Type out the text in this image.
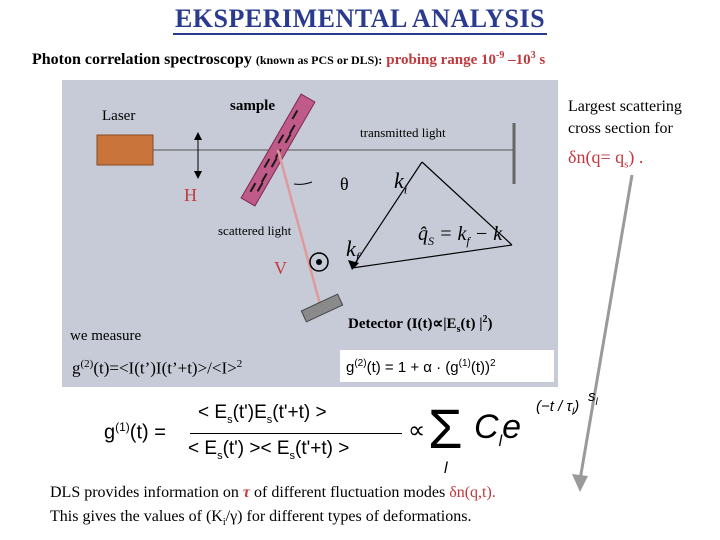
EKSPERIMENTAL ANALYSIS
Photon correlation spectroscopy (known as PCS or DLS): probing range $10^{-9}$ $-10^3$ s
Largest scattering
cross section for
$\delta n(q= q_s)$ .
Laser
sample
transmitted light
H
θ $k_i$
scattered light
$k_f$
$q̂_S = k_f - k$
V
Detector ($I(t)\propto|E_s(t)$ $|^2$)
we measure
$g^{(2)}(t)=<I(t’)I(t’+t)>/<I>^2$	$g^{(2)}(t) = 1 + \alpha \cdot (g^{(1)}(t))^2$
$g^{(1)}(t)$ =
< $E_s(t')E_s(t'+t)$ >
< $E_s(t') >< E_s(t'+t)$ >
∝ Σ
l
$C_le$
$(-t / \tau_l)$
$s_l$
DLS provides information on τ of different fluctuation modes δn(q,t).
This gives the values of $(K_i/\gamma)$ for different types of deformations.
